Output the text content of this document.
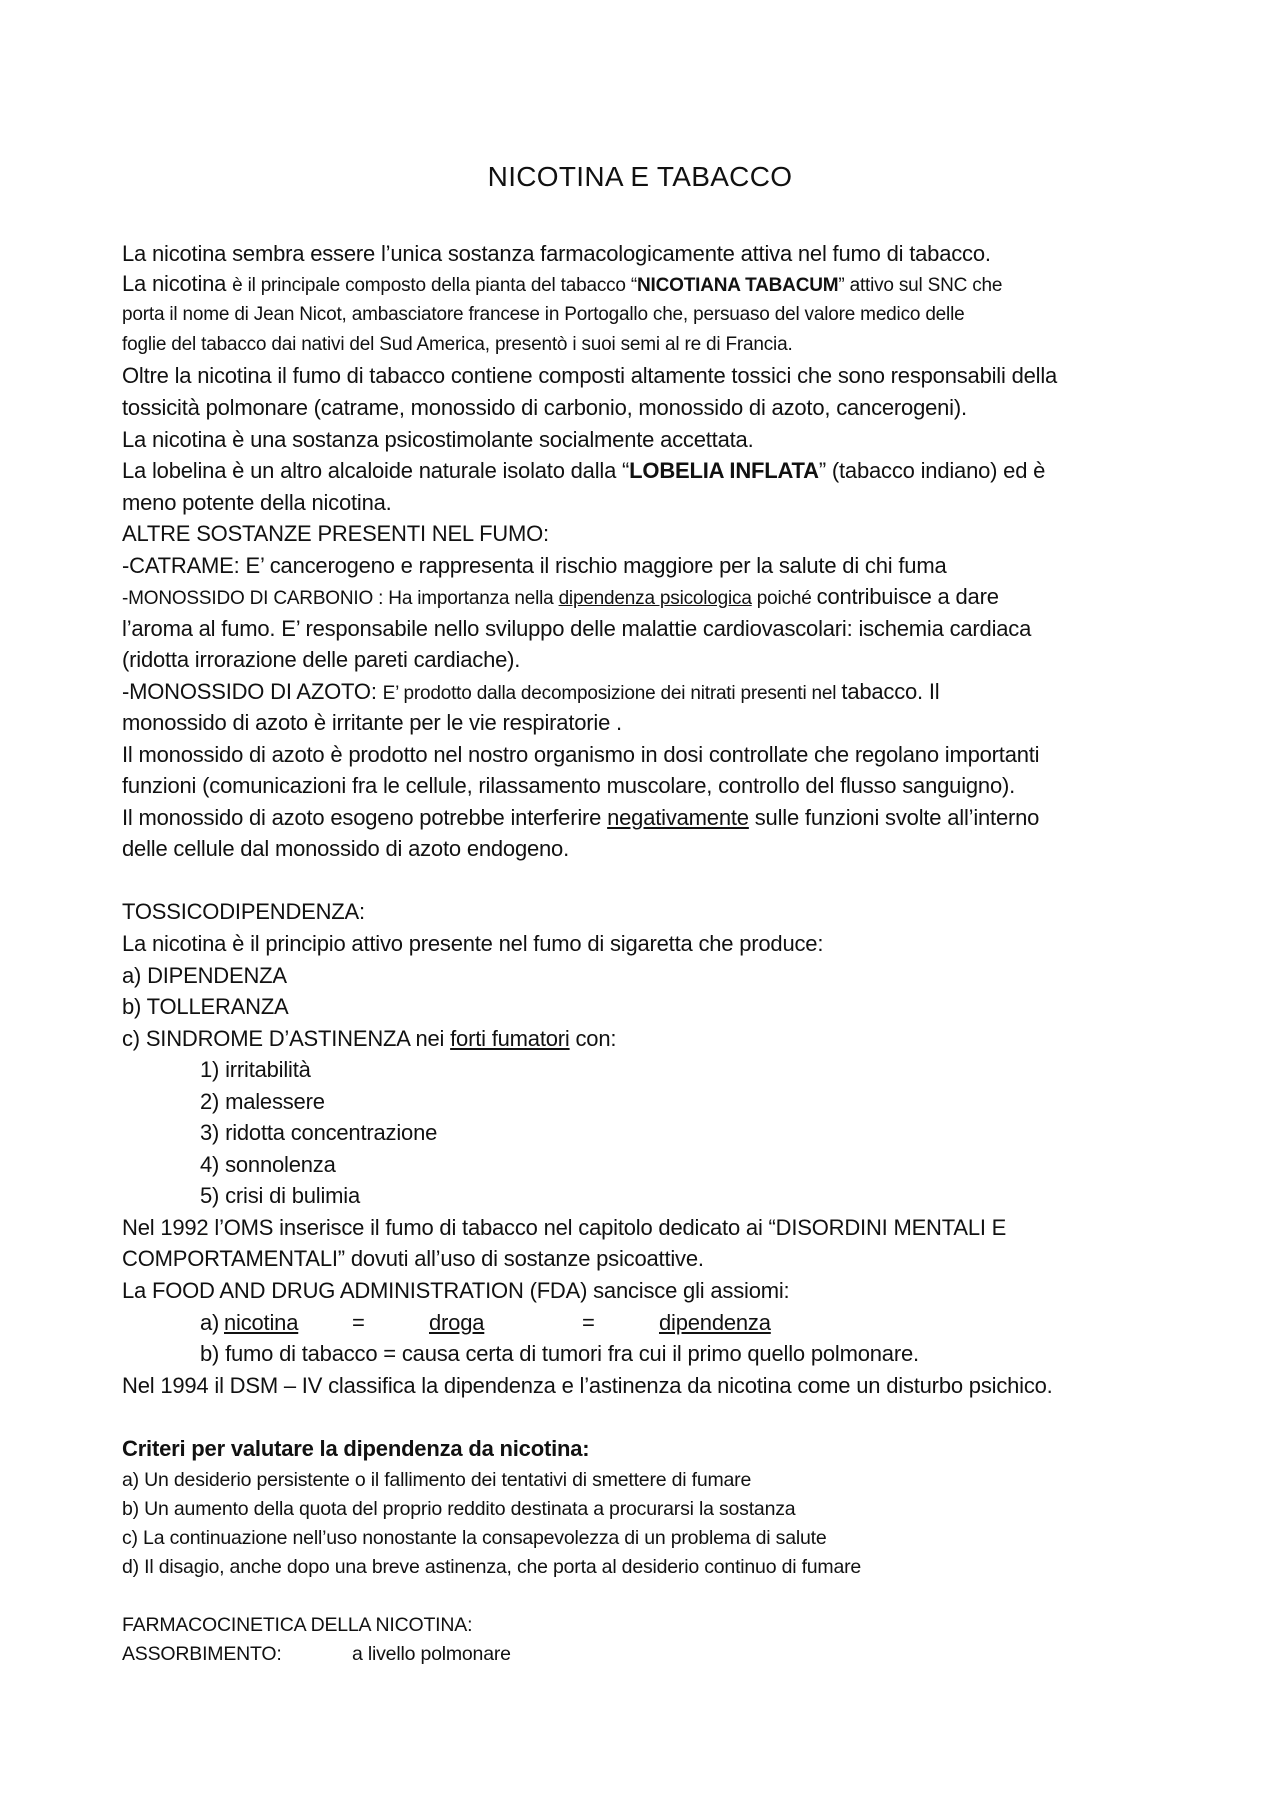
NICOTINA E TABACCO
La nicotina sembra essere l’unica sostanza farmacologicamente attiva nel fumo di tabacco.
La nicotina è il principale composto della pianta del tabacco “NICOTIANA TABACUM” attivo sul SNC che
porta il nome di Jean Nicot, ambasciatore francese in Portogallo che, persuaso del valore medico delle
foglie del tabacco dai nativi del Sud America, presentò i suoi semi al re di Francia.
Oltre la nicotina il fumo di tabacco contiene composti altamente tossici che sono responsabili della
tossicità polmonare (catrame, monossido di carbonio, monossido di azoto, cancerogeni).
La nicotina è una sostanza psicostimolante socialmente accettata.
La lobelina è un altro alcaloide naturale isolato dalla “LOBELIA INFLATA” (tabacco indiano) ed è
meno potente della nicotina.
ALTRE SOSTANZE PRESENTI NEL FUMO:
-CATRAME: E’ cancerogeno e rappresenta il rischio maggiore per la salute di chi fuma
-MONOSSIDO DI CARBONIO : Ha importanza nella dipendenza psicologica poiché contribuisce a dare
l’aroma al fumo. E’ responsabile nello sviluppo delle malattie cardiovascolari: ischemia cardiaca
(ridotta irrorazione delle pareti cardiache).
-MONOSSIDO DI AZOTO: E’ prodotto dalla decomposizione dei nitrati presenti nel tabacco. Il
monossido di azoto è irritante per le vie respiratorie .
Il monossido di azoto è prodotto nel nostro organismo in dosi controllate che regolano importanti
funzioni (comunicazioni fra le cellule, rilassamento muscolare, controllo del flusso sanguigno).
Il monossido di azoto esogeno potrebbe interferire negativamente sulle funzioni svolte all’interno
delle cellule dal monossido di azoto endogeno.
TOSSICODIPENDENZA:
La nicotina è il principio attivo presente nel fumo di sigaretta che produce:
a) DIPENDENZA
b) TOLLERANZA
c) SINDROME D’ASTINENZA nei forti fumatori con:
1) irritabilità
2) malessere
3) ridotta concentrazione
4) sonnolenza
5) crisi di bulimia
Nel 1992 l’OMS inserisce il fumo di tabacco nel capitolo dedicato ai “DISORDINI MENTALI E
COMPORTAMENTALI” dovuti all’uso di sostanze psicoattive.
La FOOD AND DRUG ADMINISTRATION (FDA) sancisce gli assiomi:
a) nicotina =	droga	=	dipendenza
b) fumo di tabacco = causa certa di tumori fra cui il primo quello polmonare.
Nel 1994 il DSM – IV classifica la dipendenza e l’astinenza da nicotina come un disturbo psichico.
Criteri per valutare la dipendenza da nicotina:
a) Un desiderio persistente o il fallimento dei tentativi di smettere di fumare
b) Un aumento della quota del proprio reddito destinata a procurarsi la sostanza
c) La continuazione nell’uso nonostante la consapevolezza di un problema di salute
d) Il disagio, anche dopo una breve astinenza, che porta al desiderio continuo di fumare
FARMACOCINETICA DELLA NICOTINA:
ASSORBIMENTO:	a livello polmonare
